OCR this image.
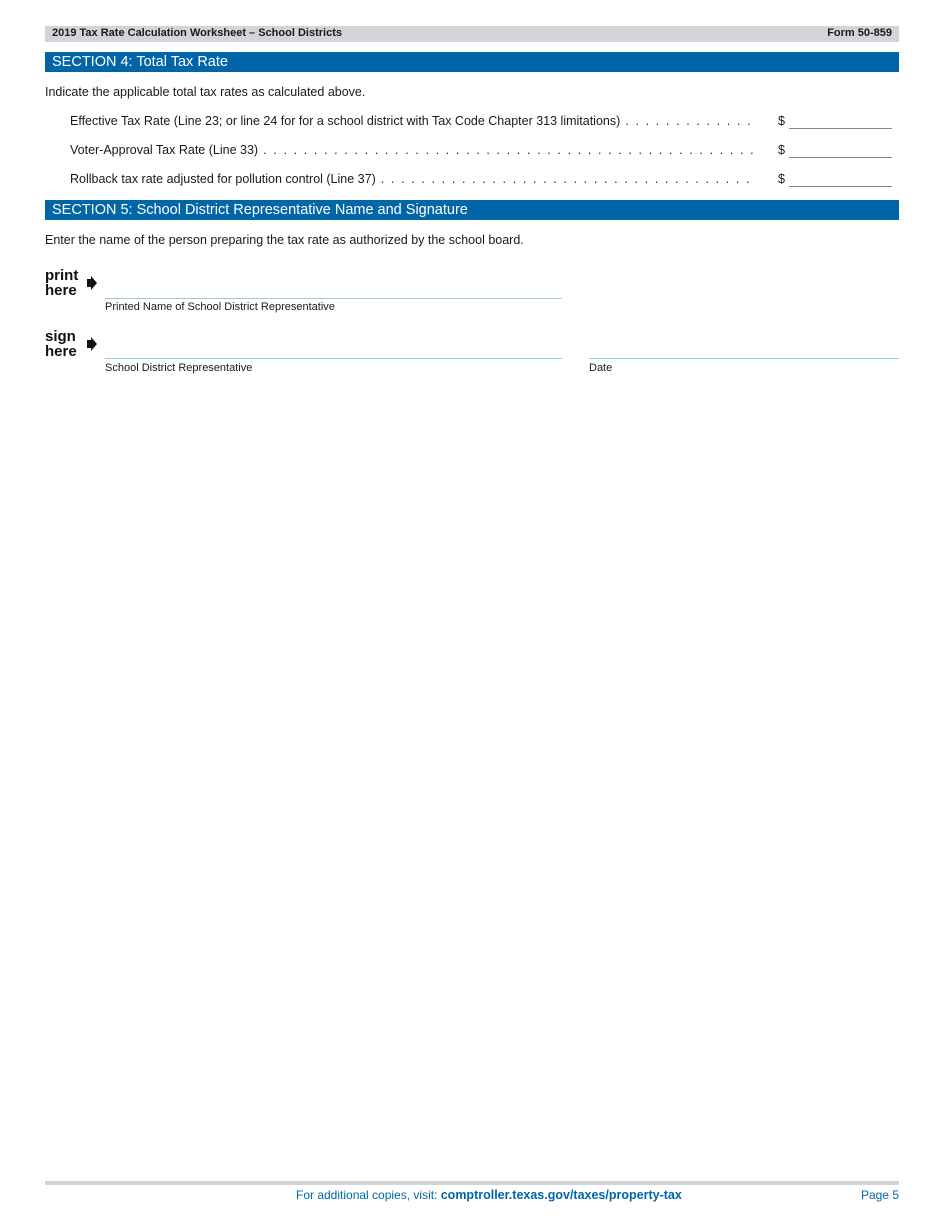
2019 Tax Rate Calculation Worksheet – School Districts	Form 50-859
SECTION 4: Total Tax Rate
Indicate the applicable total tax rates as calculated above.
Effective Tax Rate (Line 23; or line 24 for for a school district with Tax Code Chapter 313 limitations) . . .	$
Voter-Approval Tax Rate (Line 33) . . .	$
Rollback tax rate adjusted for pollution control (Line 37) . . .	$
SECTION 5: School District Representative Name and Signature
Enter the name of the person preparing the tax rate as authorized by the school board.
print
here
Printed Name of School District Representative
sign
here
School District Representative	Date
For additional copies, visit: comptroller.texas.gov/taxes/property-tax	Page 5
